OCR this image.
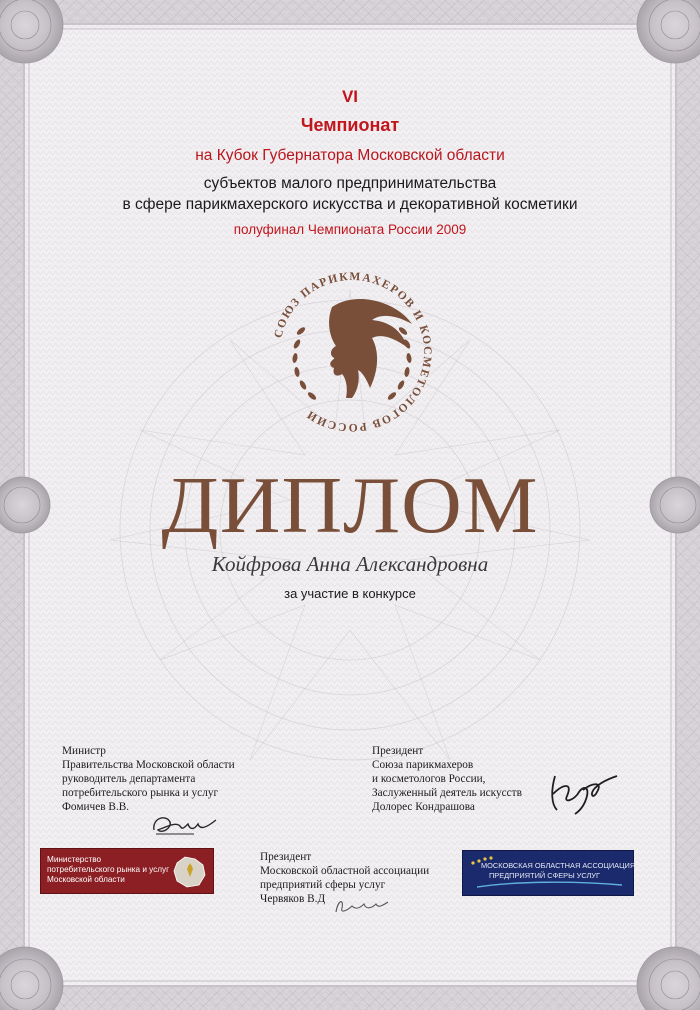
VI
Чемпионат
на Кубок Губернатора Московской области
субъектов малого предпринимательства
в сфере парикмахерского искусства и декоративной косметики
полуфинал Чемпионата России 2009
СОЮЗ ПАРИКМАХЕРОВ И КОСМЕТОЛОГОВ РОССИИ
ДИПЛОМ
Койфрова Анна Александровна
за участие в конкурсе
Министр
Правительства Московской области
руководитель департамента
потребительского рынка и услуг
Фомичев В.В.
Президент
Союза парикмахеров
и косметологов России,
Заслуженный деятель искусств
Долорес Кондрашова
Президент
Московской областной ассоциации
предприятий сферы услуг
Червяков В.Д
Министерство
потребительского рынка и услуг
Московской области
МОСКОВСКАЯ ОБЛАСТНАЯ АССОЦИАЦИЯ
ПРЕДПРИЯТИЙ СФЕРЫ УСЛУГ
